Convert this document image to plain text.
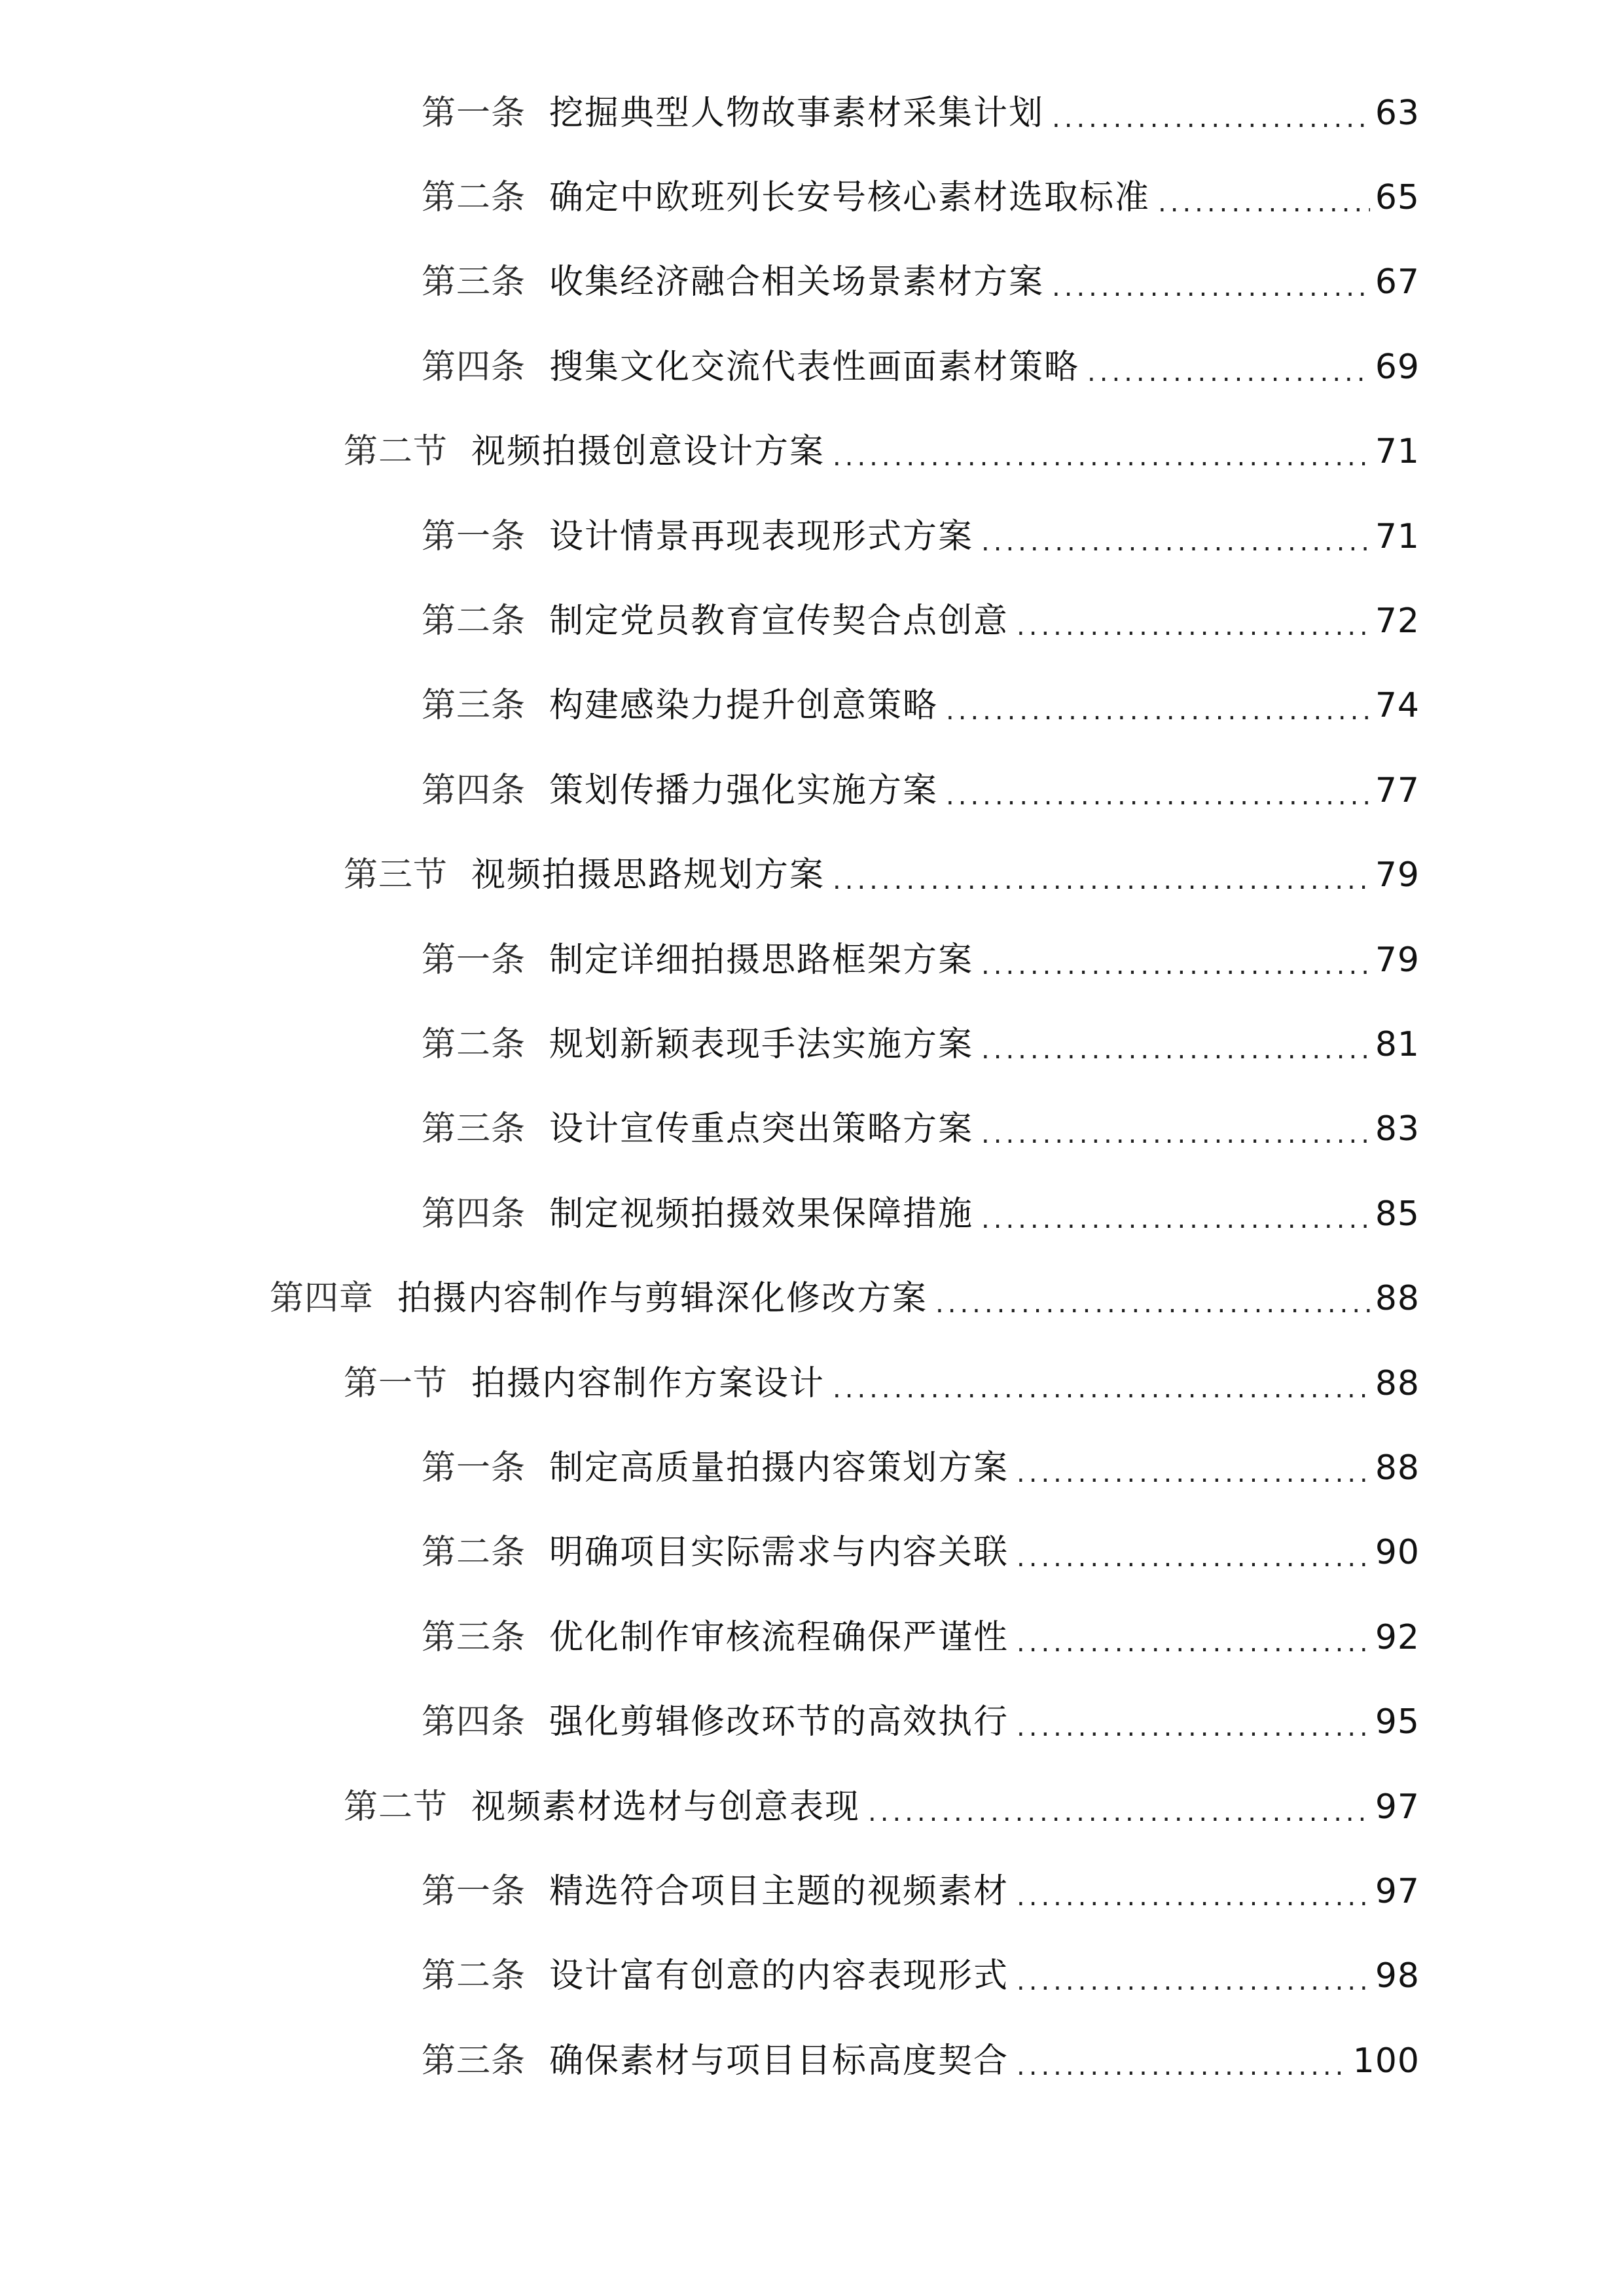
第一条 挖掘典型人物故事素材采集计划 .....	63
第二条 确定中欧班列长安号核心素材选取标准 .....	65
第三条 收集经济融合相关场景素材方案 .....	67
第四条 搜集文化交流代表性画面素材策略 .....	69
第二节 视频拍摄创意设计方案 .....	71
第一条 设计情景再现表现形式方案 .....	71
第二条 制定党员教育宣传契合点创意 .....	72
第三条 构建感染力提升创意策略 .....	74
第四条 策划传播力强化实施方案 .....	77
第三节 视频拍摄思路规划方案 .....	79
第一条 制定详细拍摄思路框架方案 .....	79
第二条 规划新颖表现手法实施方案 .....	81
第三条 设计宣传重点突出策略方案 .....	83
第四条 制定视频拍摄效果保障措施 .....	85
第四章 拍摄内容制作与剪辑深化修改方案 .....	88
第一节 拍摄内容制作方案设计 .....	88
第一条 制定高质量拍摄内容策划方案 .....	88
第二条 明确项目实际需求与内容关联 .....	90
第三条 优化制作审核流程确保严谨性 .....	92
第四条 强化剪辑修改环节的高效执行 .....	95
第二节 视频素材选材与创意表现 .....	97
第一条 精选符合项目主题的视频素材 .....	97
第二条 设计富有创意的内容表现形式 .....	98
第三条 确保素材与项目目标高度契合 .....	100
